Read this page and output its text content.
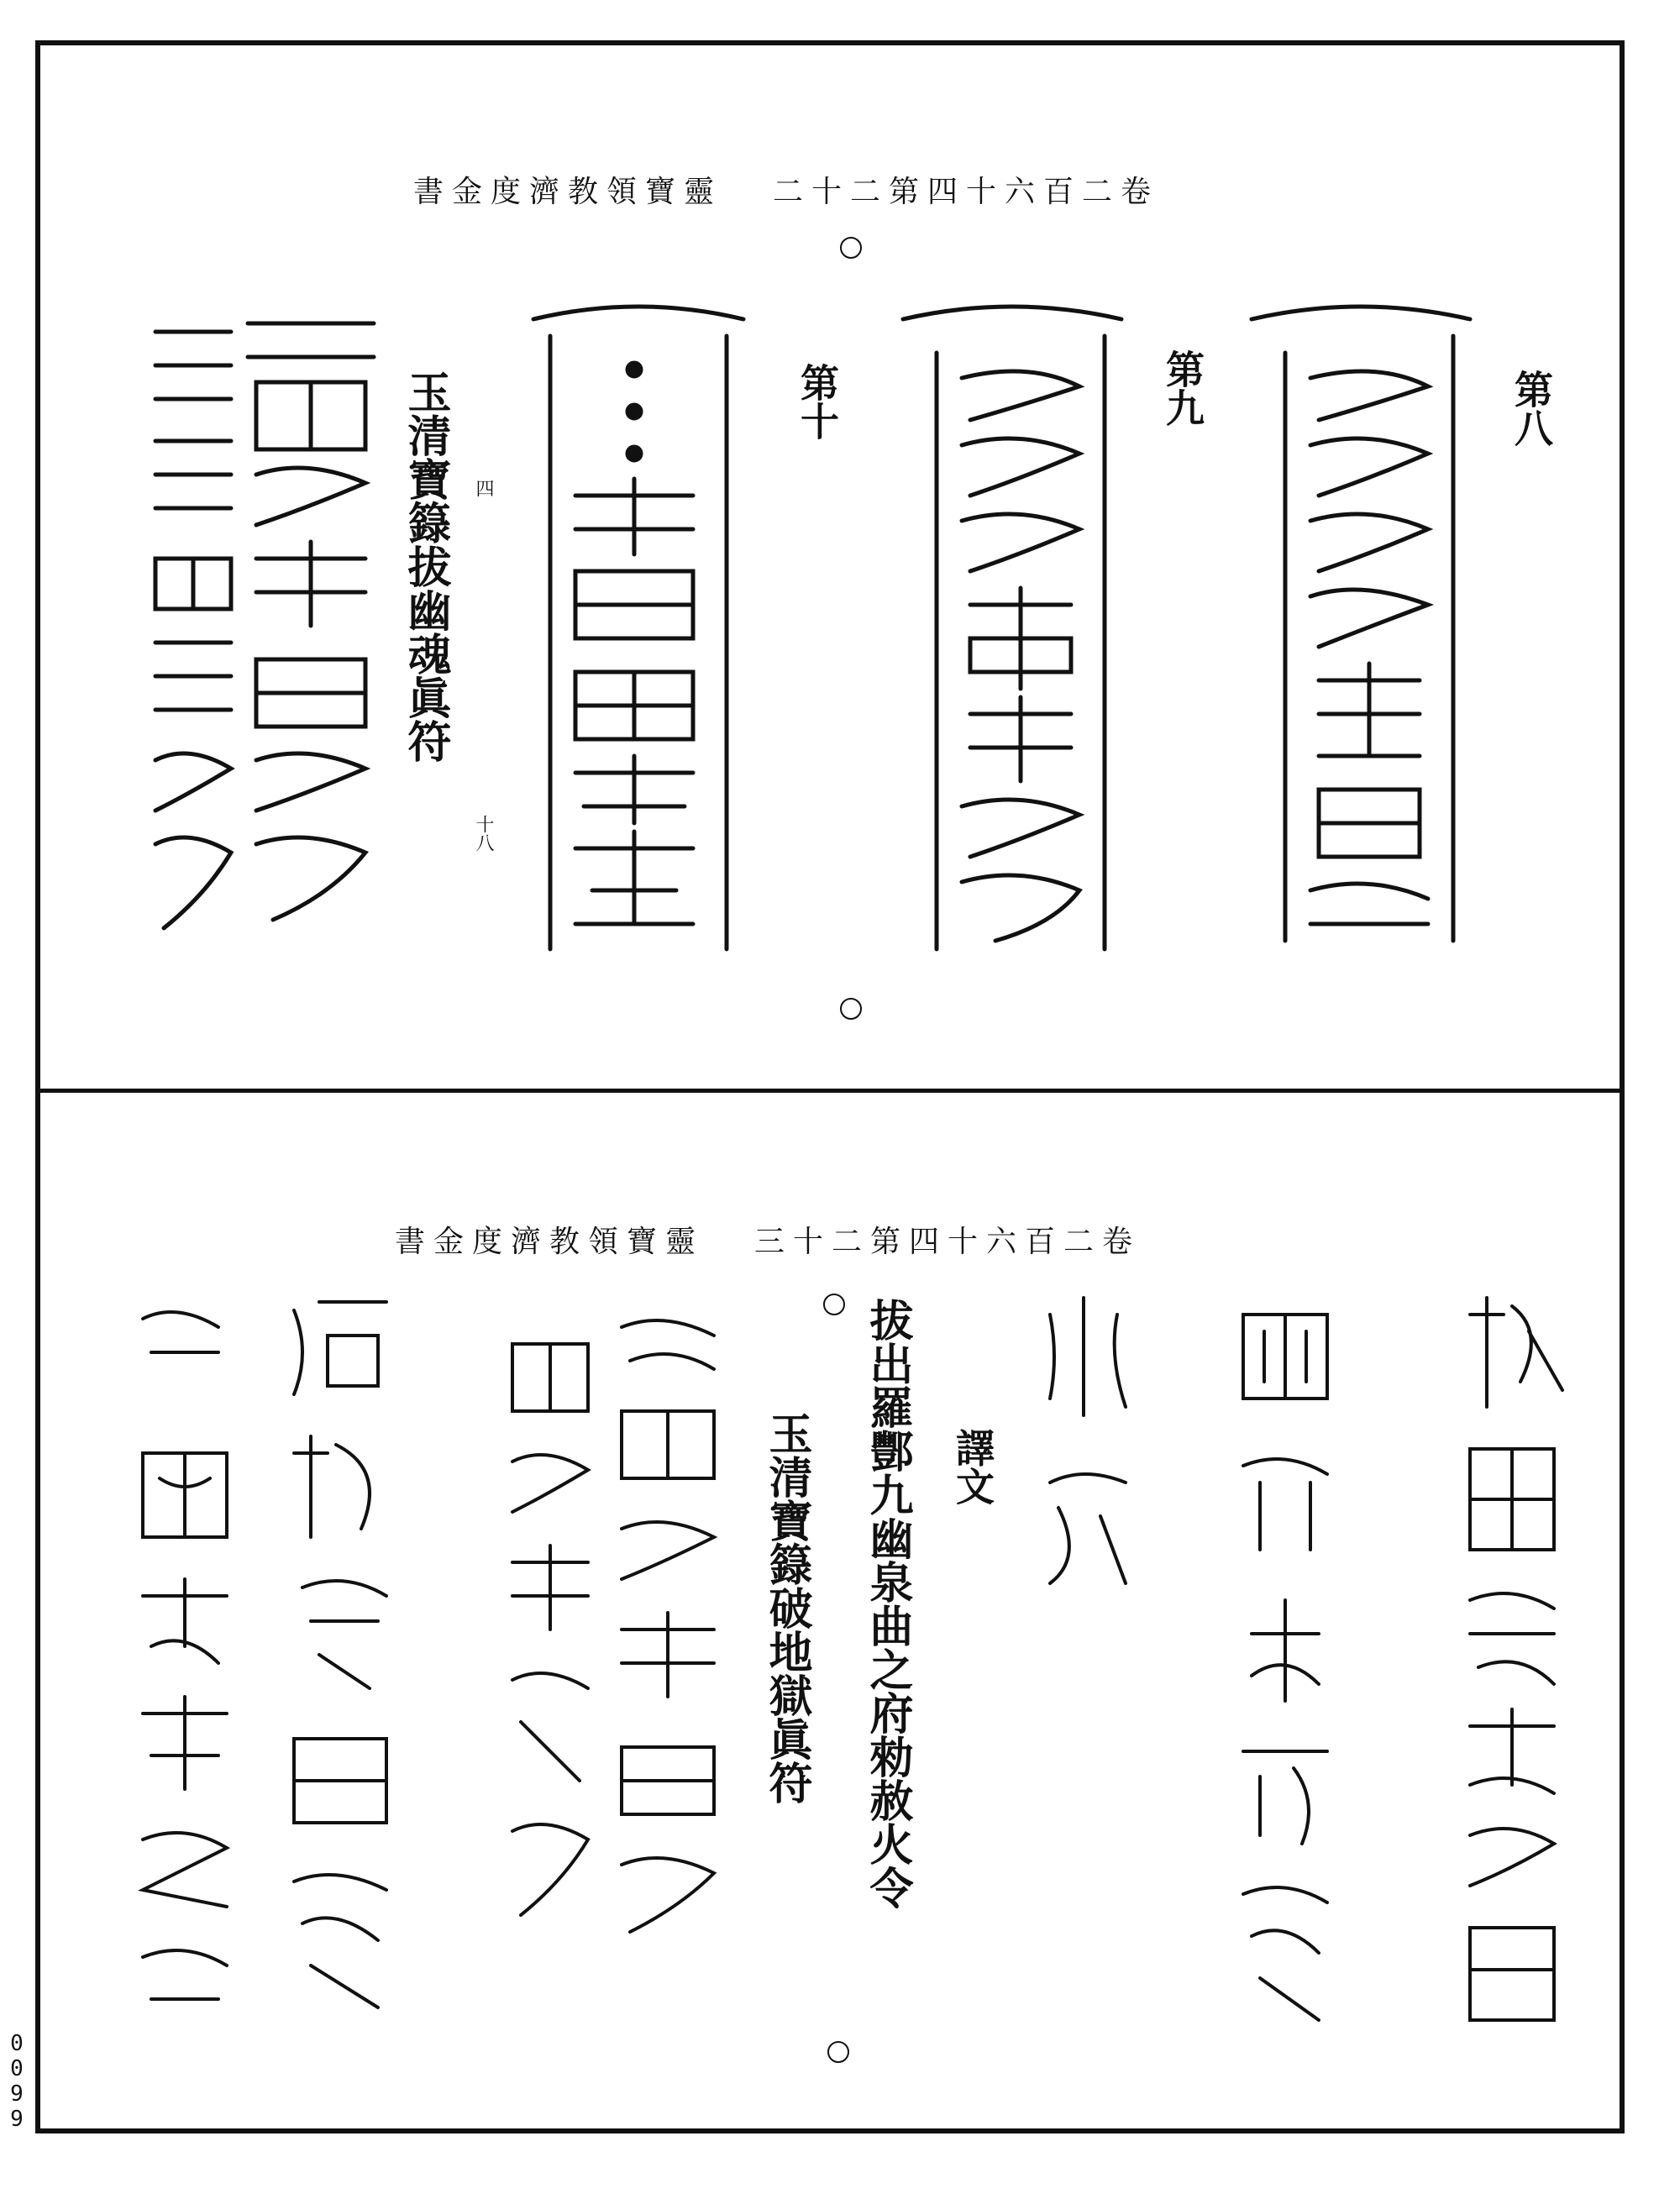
卷二百六十四第二十二靈寶領教濟度金書
第八
第九
第十
玉清寶籙拔幽魂眞符 四
十八
卷二百六十四第二十三靈寶領教濟度金書
譯文
拔出羅酆九幽泉曲之府勑赦火令
玉清寶籙破地獄眞符
0099
